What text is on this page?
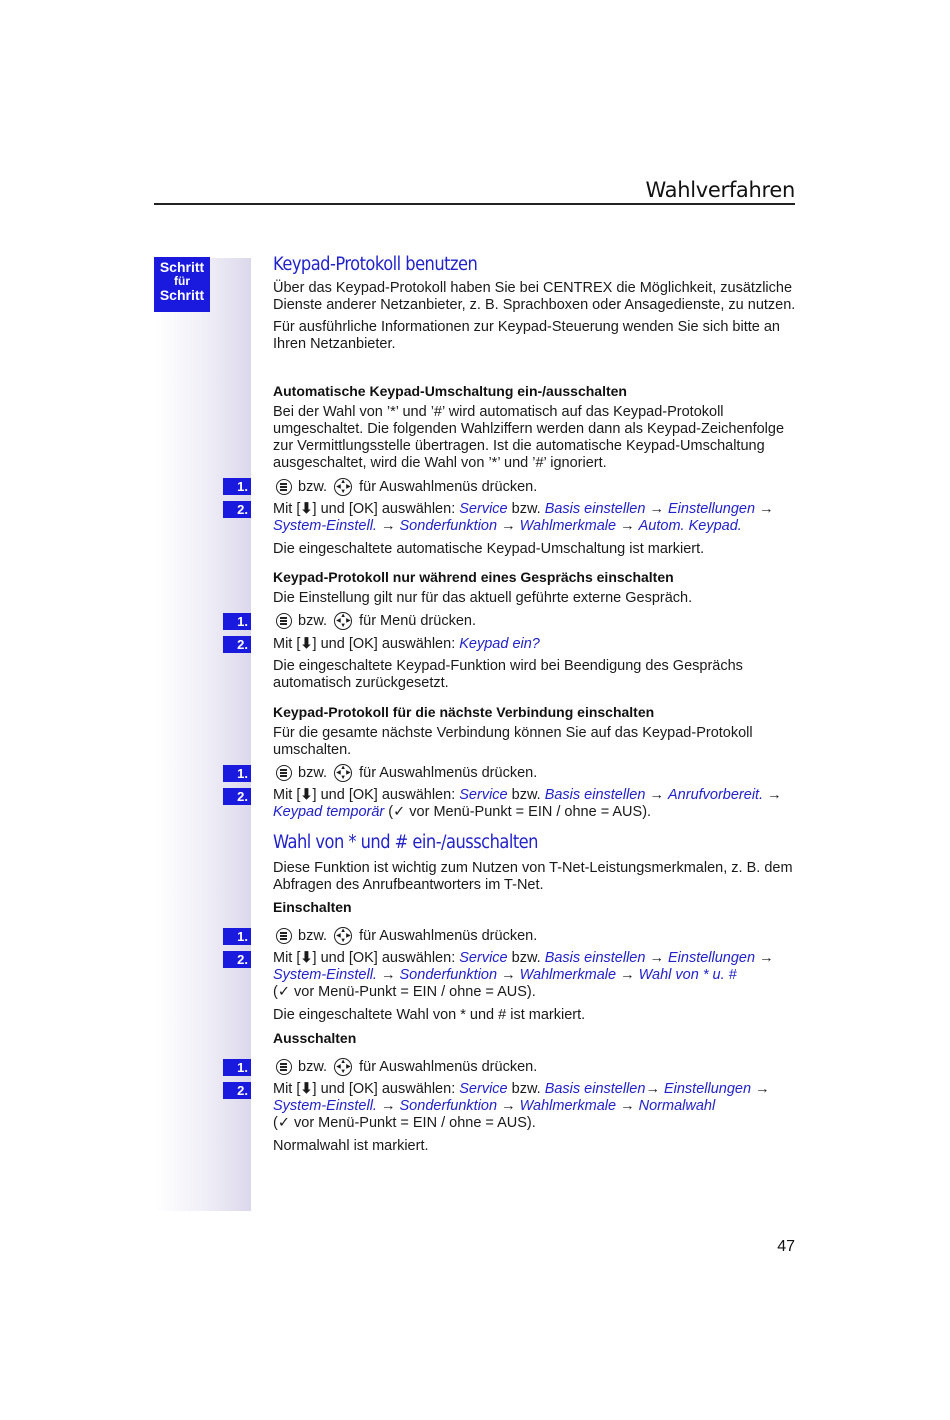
Wahlverfahren
Schritt
für
Schritt
Keypad-Protokoll benutzen

Über das Keypad-Protokoll haben Sie bei CENTREX die Möglichkeit, zusätzliche Dienste anderer Netzanbieter, z. B. Sprachboxen oder Ansagedienste, zu nutzen.

Für ausführliche Informationen zur Keypad-Steuerung wenden Sie sich bitte an Ihren Netzanbieter.

Automatische Keypad-Umschaltung ein-/ausschalten
Bei der Wahl von ’*’ und ’#’ wird automatisch auf das Keypad-Protokoll umgeschaltet. Die folgenden Wahlziffern werden dann als Keypad-Zeichenfolge zur Vermittlungsstelle übertragen. Ist die automatische Keypad-Umschaltung ausgeschaltet, wird die Wahl von ’*’ und ’#’ ignoriert.
1.	bzw. ▲
▼
◀ ▶ für Auswahlmenüs drücken.
2. Mit [⬇] und [OK] auswählen: Service bzw. Basis einstellen → Einstellungen →
System-Einstell. → Sonderfunktion → Wahlmerkmale → Autom. Keypad.
Die eingeschaltete automatische Keypad-Umschaltung ist markiert.
Keypad-Protokoll nur während eines Gesprächs einschalten
Die Einstellung gilt nur für das aktuell geführte externe Gespräch.
1.	bzw. ▲
▼
◀ ▶ für Menü drücken.
2. Mit [⬇] und [OK] auswählen: Keypad ein?
Die eingeschaltete Keypad-Funktion wird bei Beendigung des Gesprächs automatisch zurückgesetzt.
Keypad-Protokoll für die nächste Verbindung einschalten
Für die gesamte nächste Verbindung können Sie auf das Keypad-Protokoll umschalten.
1.	bzw. ▲
▼
◀ ▶ für Auswahlmenüs drücken.
2. Mit [⬇] und [OK] auswählen: Service bzw. Basis einstellen → Anrufvorbereit. →
Keypad temporär (✓ vor Menü-Punkt = EIN / ohne = AUS).
Wahl von * und # ein-/ausschalten
Diese Funktion ist wichtig zum Nutzen von T-Net-Leistungsmerkmalen, z. B. dem Abfragen des Anrufbeantworters im T-Net.
Einschalten
1.	bzw. ▲
▼
◀ ▶ für Auswahlmenüs drücken.
2. Mit [⬇] und [OK] auswählen: Service bzw. Basis einstellen → Einstellungen →
System-Einstell. → Sonderfunktion → Wahlmerkmale → Wahl von * u. #
(✓ vor Menü-Punkt = EIN / ohne = AUS).
Die eingeschaltete Wahl von * und # ist markiert.
Ausschalten
1.	bzw. ▲
▼
◀ ▶ für Auswahlmenüs drücken.
2. Mit [⬇] und [OK] auswählen: Service bzw. Basis einstellen→ Einstellungen →
System-Einstell. → Sonderfunktion → Wahlmerkmale → Normalwahl
(✓ vor Menü-Punkt = EIN / ohne = AUS).
Normalwahl ist markiert.
47
